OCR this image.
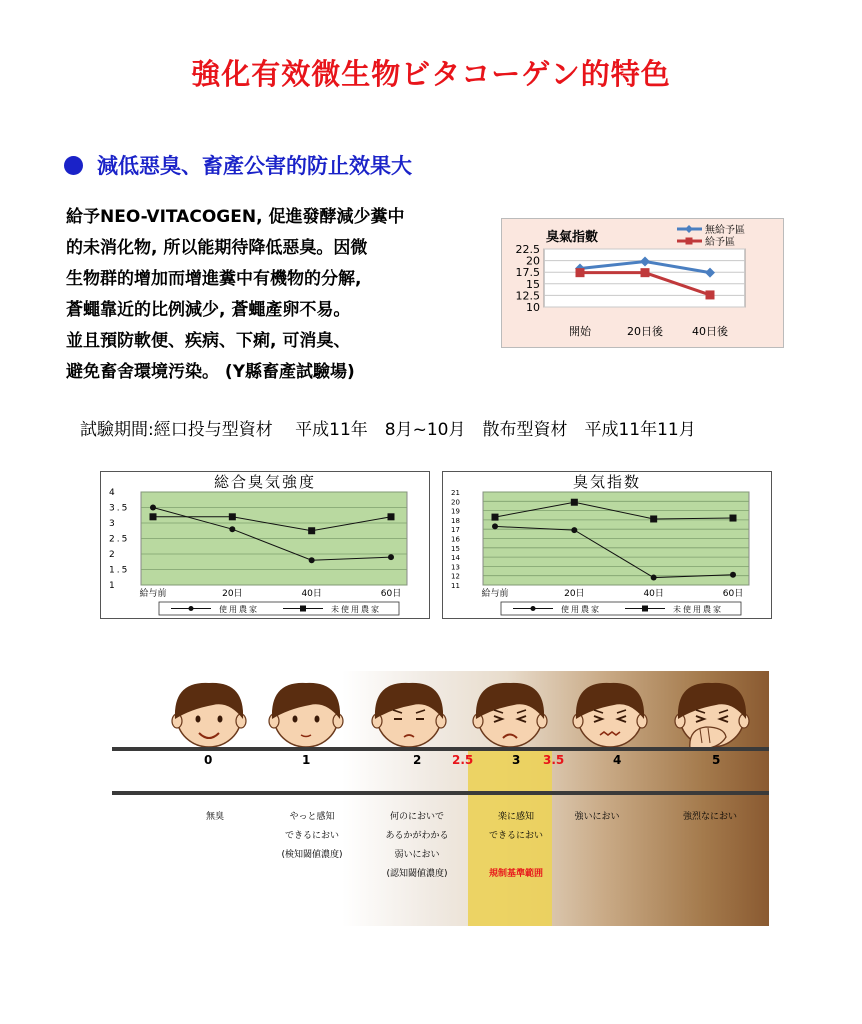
強化有效微生物ビタコーゲン的特色
減低惡臭、畜產公害的防止效果大
給予NEO-VITACOGEN, 促進發酵減少糞中
的未消化物, 所以能期待降低惡臭。因微
生物群的增加而增進糞中有機物的分解,
蒼蠅靠近的比例減少, 蒼蠅產卵不易。
並且預防軟便、疾病、下痢, 可消臭、
避免畜舍環境汚染。 (Y縣畜產試驗場)
22.5
20
17.5
15
12.5
10
開始	20日後	40日後
臭氣指數	無給予區
給予區
試驗期間:經口投与型資材　 平成11年　8月~10月　散布型資材　平成11年11月
総合臭気強度
4
3.5
3
2.5
2
1.5
1
給与前	20日	40日	60日
使用農家	未使用農家
臭気指数
21
20
19
18
17
16
15
14
13
12
11
給与前	20日	40日	60日
使用農家	未使用農家
0	1	2	2.5	3 3.5	4	5
無臭	やっと感知
できるにおい
(検知閾値濃度)
何のにおいで
あるかがわかる
弱いにおい
(認知閾値濃度)
楽に感知
できるにおい
規制基準範囲
強いにおい	強烈なにおい
